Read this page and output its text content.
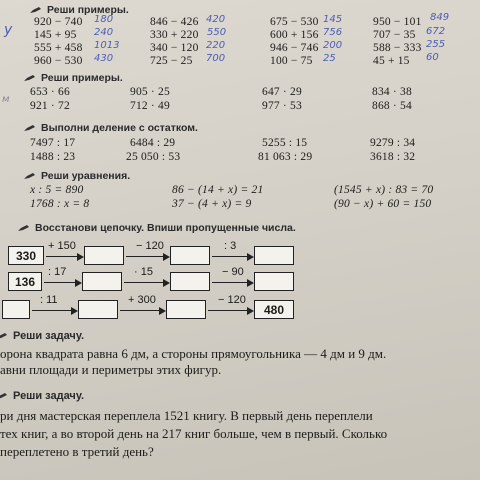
у
м
Реши примеры.
920 − 740 180	846 − 426 420	675 − 530 145	950 − 101 849
145 + 95 240	330 + 220 550	600 + 156 756	707 − 35 672
555 + 458 1013	340 − 120 220	946 − 746 200	588 − 333 255
960 − 530 430	725 − 25 700	100 − 75 25	45 + 15 60
Реши примеры.
653 · 66	905 · 25	647 · 29	834 · 38
921 · 72	712 · 49	977 · 53	868 · 54
Выполни деление с остатком.
7497 : 17	6484 : 29	5255 : 15	9279 : 34
1488 : 23	25 050 : 53	81 063 : 29	3618 : 32
Реши уравнения.
x : 5 = 890	86 − (14 + x) = 21	(1545 + x) : 83 = 70
1768 : x = 8	37 − (4 + x) = 9	(90 − x) + 60 = 150
Восстанови цепочку. Впиши пропущенные числа.
330
+ 150	− 120	: 3
136
: 17	· 15	− 90
: 11	+ 300	− 120
480
Реши задачу.
орона квадрата равна 6 дм, а стороны прямоугольника — 4 дм и 9 дм.
авни площади и периметры этих фигур.
Реши задачу.
ри дня мастерская переплела 1521 книгу. В первый день переплели
тех книг, а во второй день на 217 книг больше, чем в первый. Сколько
переплетено в третий день?
